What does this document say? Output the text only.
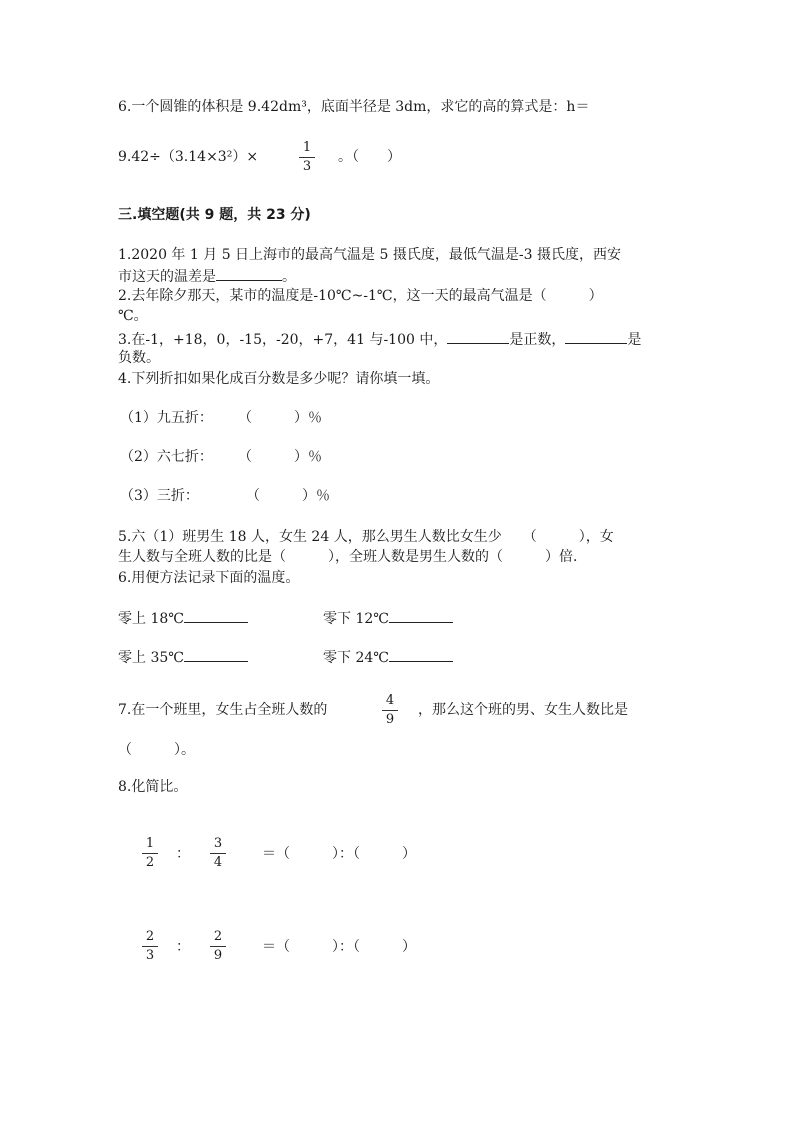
6.一个圆锥的体积是 9.42dm³，底面半径是 3dm，求它的高的算式是：h＝
9.42÷（3.14×3²）×
1
3
。（　　）
三.填空题(共 9 题，共 23 分)
1.2020 年 1 月 5 日上海市的最高气温是 5 摄氏度，最低气温是-3 摄氏度，西安
市这天的温差是	。
2.去年除夕那天，某市的温度是-10℃~-1℃，这一天的最高气温是（　　　）
℃。
3.在-1，+18，0，-15，-20，+7，41 与-100 中，	是正数，	是
负数。
4.下列折扣如果化成百分数是多少呢？请你填一填。
（1）九五折： （　　　）％
（2）六七折： （　　　）％
（3）三折：	（　　　）％
5.六（1）班男生 18 人，女生 24 人，那么男生人数比女生少　　（　　　），女
生人数与全班人数的比是（　　　），全班人数是男生人数的（　　　）倍.
6.用便方法记录下面的温度。
零上 18℃	零下 12℃
零上 35℃	零下 24℃
7.在一个班里，女生占全班人数的
4
9
，那么这个班的男、女生人数比是
（　　　）。
8.化简比。
1
2
：
3
4
＝（　　　）：（　　　）
2
3
：
2
9
＝（　　　）：（　　　）
